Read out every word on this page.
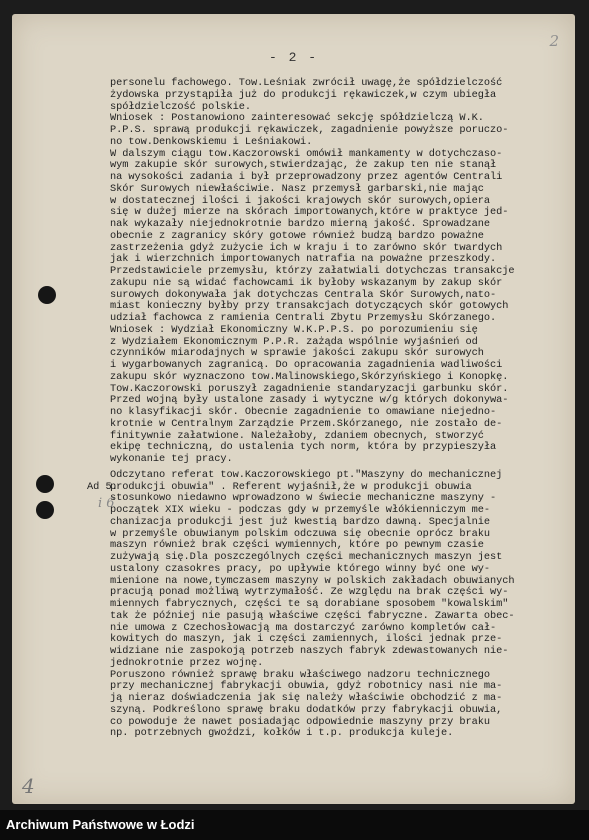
2
- 2 -
Ad 5.
i 6
4
personelu fachowego. Tow.Leśniak zwrócił uwagę,że spółdzielczość
żydowska przystąpiła już do produkcji rękawiczek,w czym ubiegła
spółdzielczość polskie.
Wniosek : Postanowiono zainteresować sekcję spółdzielczą W.K.
P.P.S. sprawą produkcji rękawiczek, zagadnienie powyższe poruczo-
no tow.Denkowskiemu i Leśniakowi.
W dalszym ciągu tow.Kaczorowski omówił mankamenty w dotychczaso-
wym zakupie skór surowych,stwierdzając, że zakup ten nie stanął
na wysokości zadania i był przeprowadzony przez agentów Centrali
Skór Surowych niewłaściwie. Nasz przemysł garbarski,nie mając
w dostatecznej ilości i jakości krajowych skór surowych,opiera
się w dużej mierze na skórach importowanych,które w praktyce jed-
nak wykazały niejednokrotnie bardzo mierną jakość. Sprowadzane
obecnie z zagranicy skóry gotowe również budzą bardzo poważne
zastrzeżenia gdyż zużycie ich w kraju i to zarówno skór twardych
jak i wierzchnich importowanych natrafia na poważne przeszkody.
Przedstawiciele przemysłu, którzy załatwiali dotychczas transakcje
zakupu nie są widać fachowcami ik byłoby wskazanym by zakup skór
surowych dokonywała jak dotychczas Centrala Skór Surowych,nato-
miast konieczny byłby przy transakcjach dotyczących skór gotowych
udział fachowca z ramienia Centrali Zbytu Przemysłu Skórzanego.
Wniosek : Wydział Ekonomiczny W.K.P.P.S. po porozumieniu się
z Wydziałem Ekonomicznym P.P.R. zażąda wspólnie wyjaśnień od
czynników miarodajnych w sprawie jakości zakupu skór surowych
i wygarbowanych zagranicą. Do opracowania zagadnienia wadliwości
zakupu skór wyznaczono tow.Malinowskiego,Skórzyńskiego i Konopkę.
Tow.Kaczorowski poruszył zagadnienie standaryzacji garbunku skór.
Przed wojną były ustalone zasady i wytyczne w/g których dokonywa-
no klasyfikacji skór. Obecnie zagadnienie to omawiane niejedno-
krotnie w Centralnym Zarządzie Przem.Skórzanego, nie zostało de-
finitywnie załatwione. Należałoby, zdaniem obecnych, stworzyć
ekipę techniczną, do ustalenia tych norm, która by przypieszyła
wykonanie tej pracy.
Odczytano referat tow.Kaczorowskiego pt."Maszyny do mechanicznej
produkcji obuwia" . Referent wyjaśnił,że w produkcji obuwia
stosunkowo niedawno wprowadzono w świecie mechaniczne maszyny -
początek XIX wieku - podczas gdy w przemyśle włókienniczym me-
chanizacja produkcji jest już kwestią bardzo dawną. Specjalnie
w przemyśle obuwianym polskim odczuwa się obecnie oprócz braku
maszyn również brak części wymiennych, które po pewnym czasie
zużywają się.Dla poszczególnych części mechanicznych maszyn jest
ustalony czasokres pracy, po upływie którego winny być one wy-
mienione na nowe,tymczasem maszyny w polskich zakładach obuwianych
pracują ponad możliwą wytrzymałość. Ze względu na brak części wy-
miennych fabrycznych, części te są dorabiane sposobem "kowalskim"
tak że później nie pasują właściwe części fabryczne. Zawarta obec-
nie umowa z Czechosłowacją ma dostarczyć zarówno kompletów cał-
kowitych do maszyn, jak i części zamiennych, ilości jednak prze-
widziane nie zaspokoją potrzeb naszych fabryk zdewastowanych nie-
jednokrotnie przez wojnę.
Poruszono również sprawę braku właściwego nadzoru technicznego
przy mechanicznej fabrykacji obuwia, gdyż robotnicy nasi nie ma-
ją nieraz doświadczenia jak się należy właściwie obchodzić z ma-
szyną. Podkreślono sprawę braku dodatków przy fabrykacji obuwia,
co powoduje że nawet posiadając odpowiednie maszyny przy braku
np. potrzebnych gwoździ, kołków i t.p. produkcja kuleje.
Archiwum Państwowe w Łodzi
